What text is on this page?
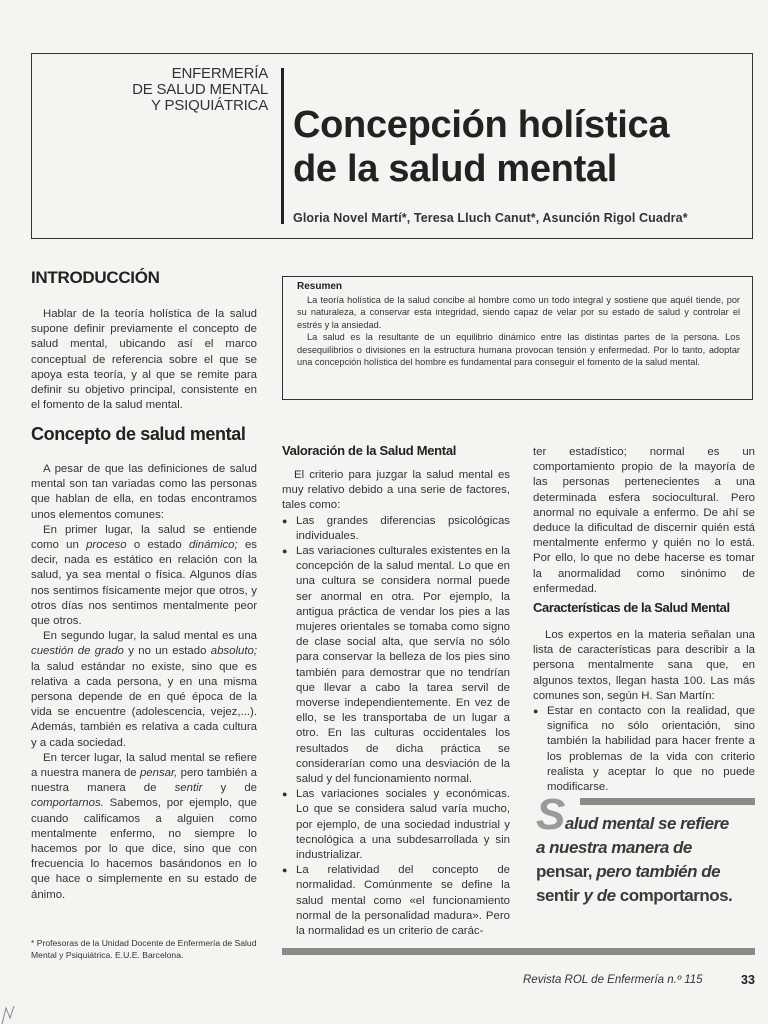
ENFERMERÍA
DE SALUD MENTAL
Y PSIQUIÁTRICA Concepción holística
de la salud mental
Gloria Novel Martí*, Teresa Lluch Canut*, Asunción Rigol Cuadra*
INTRODUCCIÓN

Hablar de la teoría holística de la salud supone definir previamente el concepto de salud mental, ubicando así el marco conceptual de referencia sobre el que se apoya esta teoría, y al que se remite para definir su objetivo principal, consistente en el fomento de la salud mental.

Resumen

La teoría holística de la salud concibe al hombre como un todo integral y sostiene que aquél tiende, por su naturaleza, a conservar esta integridad, siendo capaz de velar por su estado de salud y controlar el estrés y la ansiedad.

La salud es la resultante de un equilibrio dinámico entre las distintas partes de la persona. Los desequilibrios o divisiones en la estructura humana provocan tensión y enfermedad. Por lo tanto, adoptar una concepción holística del hombre es fundamental para conseguir el fomento de la salud mental.

Concepto de salud mental

A pesar de que las definiciones de salud mental son tan variadas como las personas que hablan de ella, en todas encontramos unos elementos comunes:

En primer lugar, la salud se entiende como un proceso o estado dinámico; es decir, nada es estático en relación con la salud, ya sea mental o física. Algunos días nos sentimos físicamente mejor que otros, y otros días nos sentimos mentalmente peor que otros.

En segundo lugar, la salud mental es una cuestión de grado y no un estado absoluto; la salud estándar no existe, sino que es relativa a cada persona, y en una misma persona depende de en qué época de la vida se encuentre (adolescencia, vejez,...). Además, también es relativa a cada cultura y a cada sociedad.

En tercer lugar, la salud mental se refiere a nuestra manera de pensar, pero también a nuestra manera de sentir y de comportarnos. Sabemos, por ejemplo, que cuando calificamos a alguien como mentalmente enfermo, no siempre lo hacemos por lo que dice, sino que con frecuencia lo hacemos basándonos en lo que hace o simplemente en su estado de ánimo.

Valoración de la Salud Mental

El criterio para juzgar la salud mental es muy relativo debido a una serie de factores, tales como:

● Las grandes diferencias psicológicas individuales.
● Las variaciones culturales existentes en la concepción de la salud mental. Lo que en una cultura se considera normal puede ser anormal en otra. Por ejemplo, la antigua práctica de vendar los pies a las mujeres orientales se tomaba como signo de clase social alta, que servía no sólo para conservar la belleza de los pies sino también para demostrar que no tendrían que llevar a cabo la tarea servil de moverse independientemente. En vez de ello, se les transportaba de un lugar a otro. En las culturas occidentales los resultados de dicha práctica se considerarían como una desviación de la salud y del funcionamiento normal.
● Las variaciones sociales y económicas. Lo que se considera salud varía mucho, por ejemplo, de una sociedad industrial y tecnológica a una subdesarrollada y sin industrializar.
● La relatividad del concepto de normalidad. Comúnmente se define la salud mental como «el funcionamiento normal de la personalidad madura». Pero la normalidad es un criterio de carác-

ter estadístico; normal es un comportamiento propio de la mayoría de las personas pertenecientes a una determinada esfera sociocultural. Pero anormal no equivale a enfermo. De ahí se deduce la dificultad de discernir quién está mentalmente enfermo y quién no lo está. Por ello, lo que no debe hacerse es tomar la anormalidad como sinónimo de enfermedad.

Características de la Salud Mental

Los expertos en la materia señalan una lista de características para describir a la persona mentalmente sana que, en algunos textos, llegan hasta 100. Las más comunes son, según H. San Martín:

● Estar en contacto con la realidad, que significa no sólo orientación, sino también la habilidad para hacer frente a los problemas de la vida con criterio realista y aceptar lo que no puede modificarse.
Salud mental se refiere
a nuestra manera de
pensar, pero también de
sentir y de comportarnos.
* Profesoras de la Unidad Docente de Enfermería de Salud Mental y Psiquiátrica. E.U.E. Barcelona.
Revista ROL de Enfermería n.º 115	33
